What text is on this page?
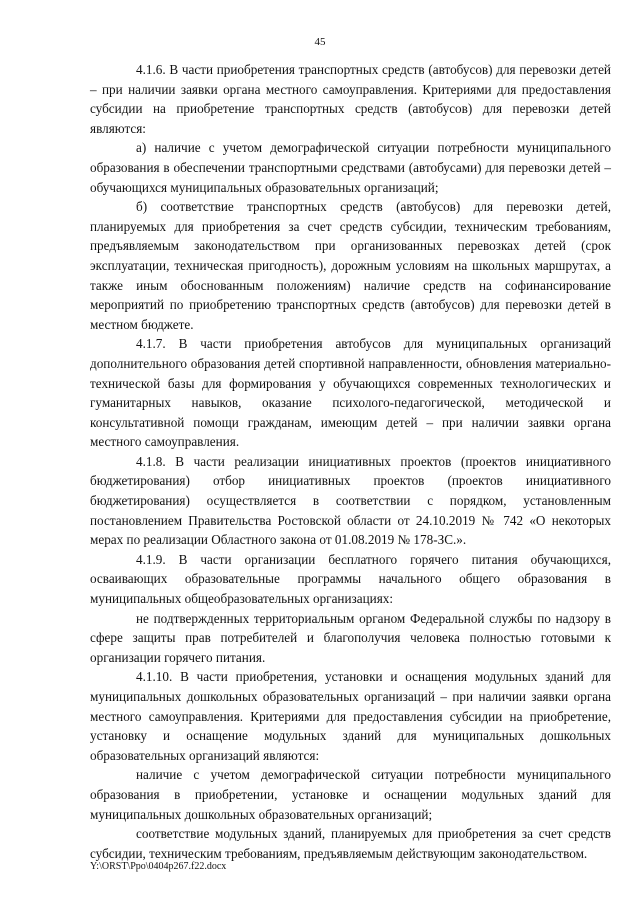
45

4.1.6. В части приобретения транспортных средств (автобусов) для перевозки детей – при наличии заявки органа местного самоуправления. Критериями для предоставления субсидии на приобретение транспортных средств (автобусов) для перевозки детей являются:

а) наличие с учетом демографической ситуации потребности муниципального образования в обеспечении транспортными средствами (автобусами) для перевозки детей – обучающихся муниципальных образовательных организаций;

б) соответствие транспортных средств (автобусов) для перевозки детей, планируемых для приобретения за счет средств субсидии, техническим требованиям, предъявляемым законодательством при организованных перевозках детей (срок эксплуатации, техническая пригодность), дорожным условиям на школьных маршрутах, а также иным обоснованным положениям) наличие средств на софинансирование мероприятий по приобретению транспортных средств (автобусов) для перевозки детей в местном бюджете.

4.1.7. В части приобретения автобусов для муниципальных организаций дополнительного образования детей спортивной направленности, обновления материально-технической базы для формирования у обучающихся современных технологических и гуманитарных навыков, оказание психолого-педагогической, методической и консультативной помощи гражданам, имеющим детей – при наличии заявки органа местного самоуправления.

4.1.8. В части реализации инициативных проектов (проектов инициативного бюджетирования) отбор инициативных проектов (проектов инициативного бюджетирования) осуществляется в соответствии с порядком, установленным постановлением Правительства Ростовской области от 24.10.2019 № 742 «О некоторых мерах по реализации Областного закона от 01.08.2019 № 178-ЗС.».

4.1.9. В части организации бесплатного горячего питания обучающихся, осваивающих образовательные программы начального общего образования в муниципальных общеобразовательных организациях:

не подтвержденных территориальным органом Федеральной службы по надзору в сфере защиты прав потребителей и благополучия человека полностью готовыми к организации горячего питания.

4.1.10. В части приобретения, установки и оснащения модульных зданий для муниципальных дошкольных образовательных организаций – при наличии заявки органа местного самоуправления. Критериями для предоставления субсидии на приобретение, установку и оснащение модульных зданий для муниципальных дошкольных образовательных организаций являются:

наличие с учетом демографической ситуации потребности муниципального образования в приобретении, установке и оснащении модульных зданий для муниципальных дошкольных образовательных организаций;

соответствие модульных зданий, планируемых для приобретения за счет средств субсидии, техническим требованиям, предъявляемым действующим законодательством.

Y:\ORST\Ppo\0404p267.f22.docx
